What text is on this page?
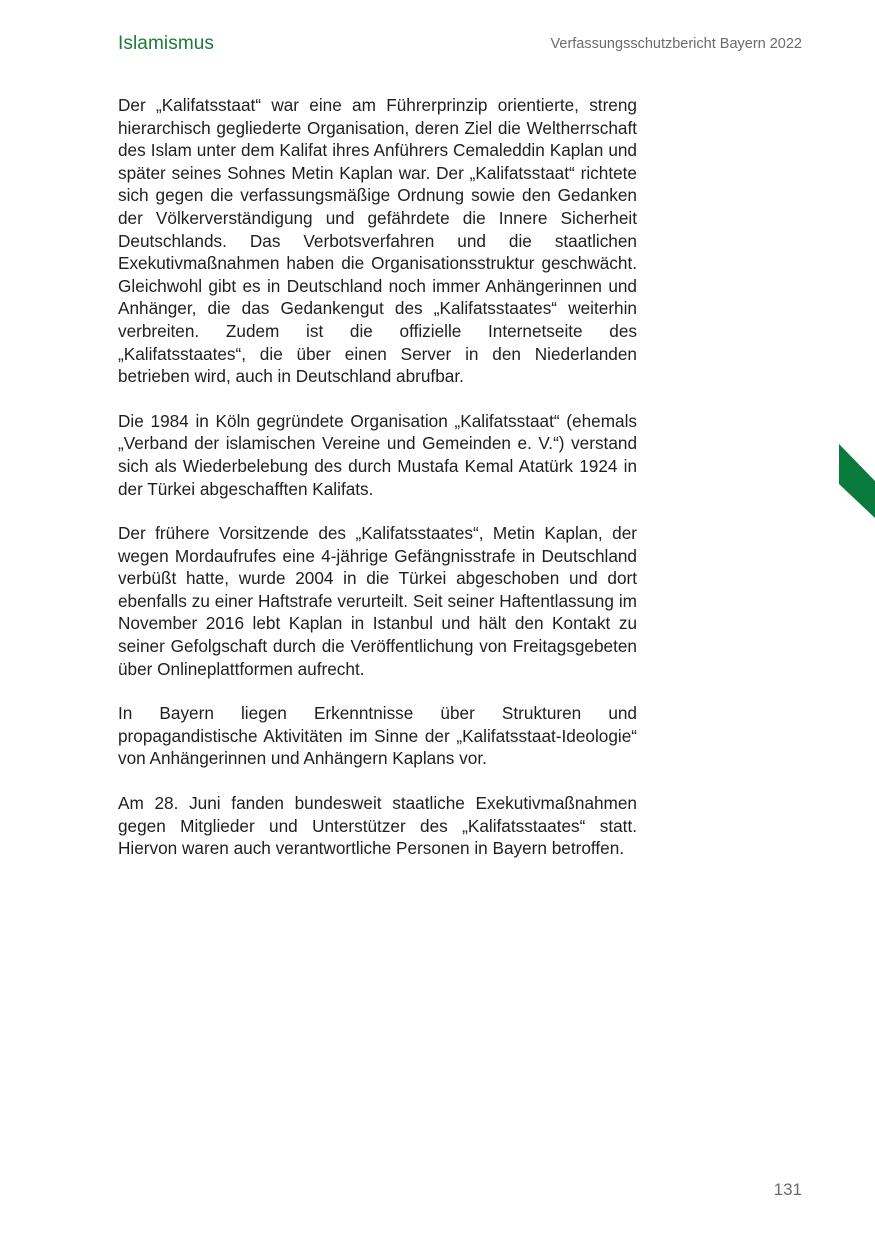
Islamismus	Verfassungsschutzbericht Bayern 2022

Der „Kalifatsstaat“ war eine am Führerprinzip orientierte, streng hierarchisch gegliederte Organisation, deren Ziel die Weltherrschaft des Islam unter dem Kalifat ihres Anführers Cemaleddin Kaplan und später seines Sohnes Metin Kaplan war. Der „Kalifatsstaat“ richtete sich gegen die verfassungsmäßige Ordnung sowie den Gedanken der Völkerverständigung und gefährdete die Innere Sicherheit Deutschlands. Das Verbotsverfahren und die staatlichen Exekutivmaßnahmen haben die Organisationsstruktur geschwächt. Gleichwohl gibt es in Deutschland noch immer Anhängerinnen und Anhänger, die das Gedankengut des „Kalifatsstaates“ weiterhin verbreiten. Zudem ist die offizielle Internetseite des „Kalifatsstaates“, die über einen Server in den Niederlanden betrieben wird, auch in Deutschland abrufbar.

Die 1984 in Köln gegründete Organisation „Kalifatsstaat“ (ehemals „Verband der islamischen Vereine und Gemeinden e. V.“) verstand sich als Wiederbelebung des durch Mustafa Kemal Atatürk 1924 in der Türkei abgeschafften Kalifats.

Der frühere Vorsitzende des „Kalifatsstaates“, Metin Kaplan, der wegen Mordaufrufes eine 4-jährige Gefängnisstrafe in Deutschland verbüßt hatte, wurde 2004 in die Türkei abgeschoben und dort ebenfalls zu einer Haftstrafe verurteilt. Seit seiner Haftentlassung im November 2016 lebt Kaplan in Istanbul und hält den Kontakt zu seiner Gefolgschaft durch die Veröffentlichung von Freitagsgebeten über Onlineplattformen aufrecht.

In Bayern liegen Erkenntnisse über Strukturen und propagandistische Aktivitäten im Sinne der „Kalifatsstaat-Ideologie“ von Anhängerinnen und Anhängern Kaplans vor.

Am 28. Juni fanden bundesweit staatliche Exekutivmaßnahmen gegen Mitglieder und Unterstützer des „Kalifatsstaates“ statt. Hiervon waren auch verantwortliche Personen in Bayern betroffen.

131
